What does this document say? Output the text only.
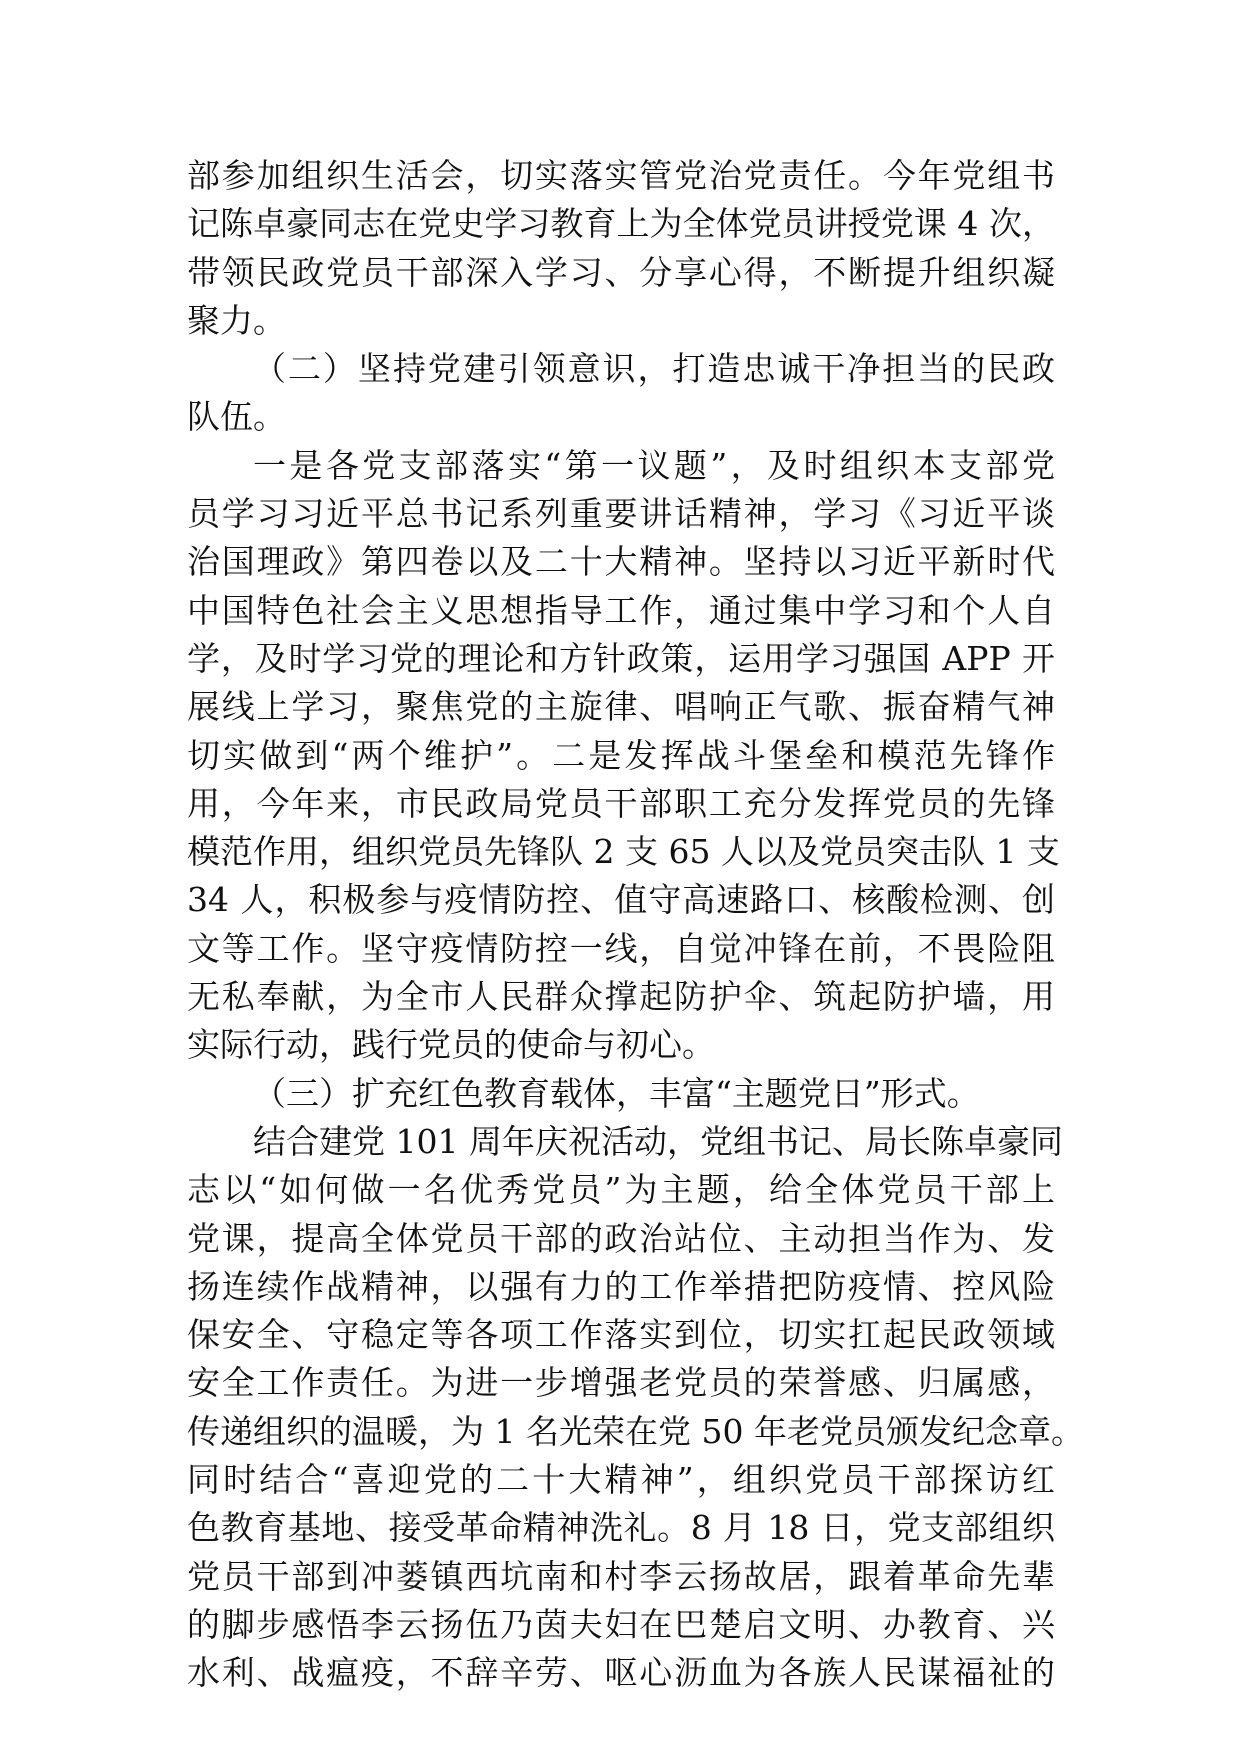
部参加组织生活会，切实落实管党治党责任。今年党组书
记陈卓豪同志在党史学习教育上为全体党员讲授党课 4 次，
带领民政党员干部深入学习、分享心得，不断提升组织凝
聚力。
（二）坚持党建引领意识，打造忠诚干净担当的民政
队伍。
一是各党支部落实“第一议题”，及时组织本支部党
员学习习近平总书记系列重要讲话精神，学习《习近平谈
治国理政》第四卷以及二十大精神。坚持以习近平新时代
中国特色社会主义思想指导工作，通过集中学习和个人自
学，及时学习党的理论和方针政策，运用学习强国 APP 开
展线上学习，聚焦党的主旋律、唱响正气歌、振奋精气神
切实做到“两个维护”。二是发挥战斗堡垒和模范先锋作
用，今年来，市民政局党员干部职工充分发挥党员的先锋
模范作用，组织党员先锋队 2 支 65 人以及党员突击队 1 支
34 人，积极参与疫情防控、值守高速路口、核酸检测、创
文等工作。坚守疫情防控一线，自觉冲锋在前，不畏险阻
无私奉献，为全市人民群众撑起防护伞、筑起防护墙，用
实际行动，践行党员的使命与初心。
（三）扩充红色教育载体，丰富“主题党日”形式。
结合建党 101 周年庆祝活动，党组书记、局长陈卓豪同
志以“如何做一名优秀党员”为主题，给全体党员干部上
党课，提高全体党员干部的政治站位、主动担当作为、发
扬连续作战精神，以强有力的工作举措把防疫情、控风险
保安全、守稳定等各项工作落实到位，切实扛起民政领域
安全工作责任。为进一步增强老党员的荣誉感、归属感，
传递组织的温暖，为 1 名光荣在党 50 年老党员颁发纪念章。
同时结合“喜迎党的二十大精神”，组织党员干部探访红
色教育基地、接受革命精神洗礼。8 月 18 日，党支部组织
党员干部到冲蒌镇西坑南和村李云扬故居，跟着革命先辈
的脚步感悟李云扬伍乃茵夫妇在巴楚启文明、办教育、兴
水利、战瘟疫，不辞辛劳、呕心沥血为各族人民谋福祉的
